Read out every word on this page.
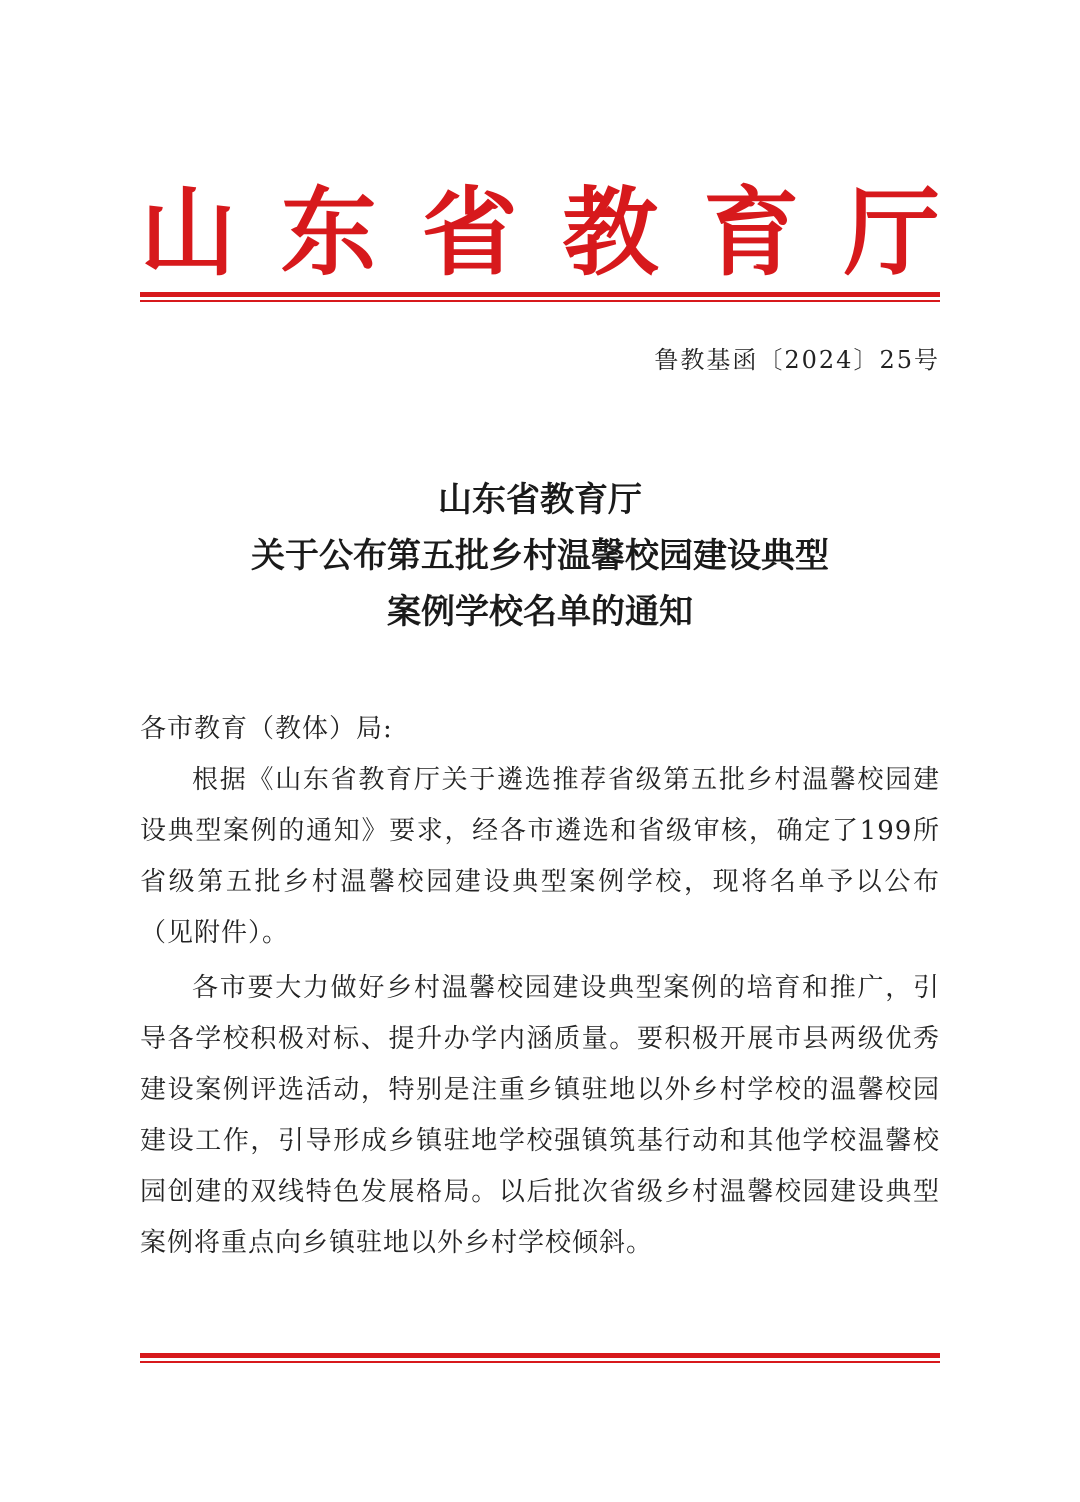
山 东 省 教 育 厅
鲁教基函〔2024〕25号
山东省教育厅
关于公布第五批乡村温馨校园建设典型
案例学校名单的通知

各市教育（教体）局:

根据《山东省教育厅关于遴选推荐省级第五批乡村温馨校园建设典型案例的通知》要求，经各市遴选和省级审核，确定了199所省级第五批乡村温馨校园建设典型案例学校，现将名单予以公布（见附件）。

各市要大力做好乡村温馨校园建设典型案例的培育和推广，引导各学校积极对标、提升办学内涵质量。要积极开展市县两级优秀建设案例评选活动，特别是注重乡镇驻地以外乡村学校的温馨校园建设工作，引导形成乡镇驻地学校强镇筑基行动和其他学校温馨校园创建的双线特色发展格局。以后批次省级乡村温馨校园建设典型案例将重点向乡镇驻地以外乡村学校倾斜。
